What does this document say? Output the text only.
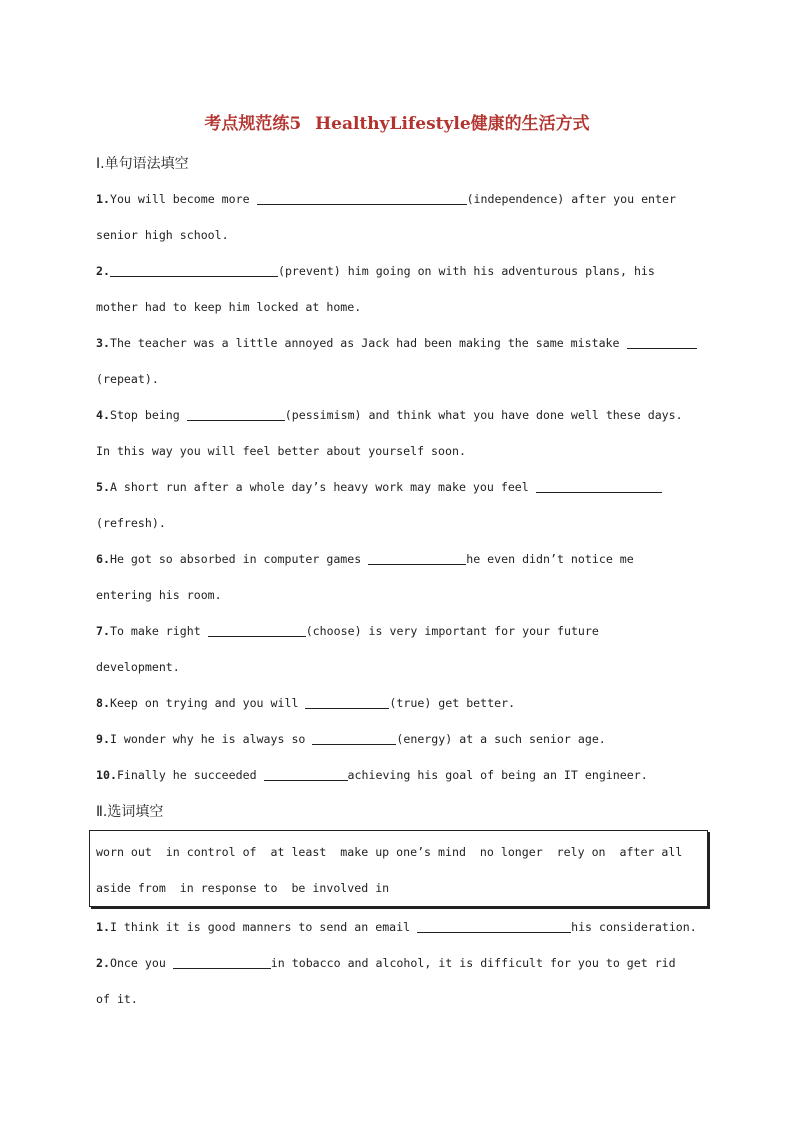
考点规范练5 HealthyLifestyle健康的生活方式
Ⅰ.单句语法填空
1.You will become more	(independence) after you enter
senior high school.
2.	(prevent) him going on with his adventurous plans, his
mother had to keep him locked at home.
3.The teacher was a little annoyed as Jack had been making the same mistake
(repeat).
4.Stop being	(pessimism) and think what you have done well these days.
In this way you will feel better about yourself soon.
5.A short run after a whole day’s heavy work may make you feel
(refresh).
6.He got so absorbed in computer games	he even didn’t notice me
entering his room.
7.To make right	(choose) is very important for your future
development.
8.Keep on trying and you will	(true) get better.
9.I wonder why he is always so	(energy) at a such senior age.
10.Finally he succeeded	achieving his goal of being an IT engineer.
Ⅱ.选词填空
worn out  in control of  at least  make up one’s mind  no longer  rely on  after all
aside from  in response to  be involved in
1.I think it is good manners to send an email	his consideration.
2.Once you	in tobacco and alcohol, it is difficult for you to get rid
of it.
